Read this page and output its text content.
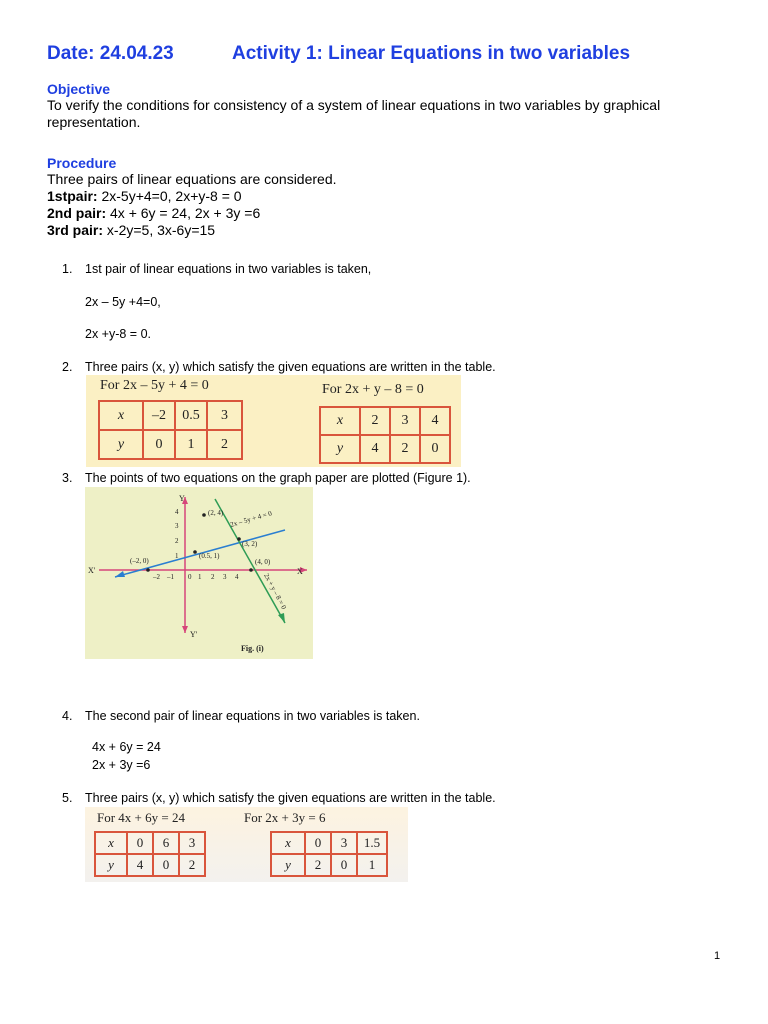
Date: 24.04.23	Activity 1: Linear Equations in two variables
Objective
To verify the conditions for consistency of a system of linear equations in two variables by graphical representation.
Procedure
Three pairs of linear equations are considered.
1stpair: 2x-5y+4=0, 2x+y-8 = 0
2nd pair: 4x + 6y = 24, 2x + 3y =6
3rd pair: x-2y=5, 3x-6y=15
1. 1st pair of linear equations in two variables is taken,
2x – 5y +4=0,
2x +y-8 = 0.
2. Three pairs (x, y) which satisfy the given equations are written in the table.
For 2x – 5y + 4 = 0
x	–2	0.5	3
y	0	1	2
For 2x + y – 8 = 0
x	2	3	4
y	4	2	0
3. The points of two equations on the graph paper are plotted (Figure 1).
X'	X
Y
Y'
–2 –1 0 1 2 3 4
1
2
3
4	(2, 4)
(–2, 0)
(0.5, 1)
(3, 2)
(4, 0)
2x – 5y + 4 = 0
2x + y – 8 = 0
Fig. (i)
4. The second pair of linear equations in two variables is taken.
4x + 6y = 24
2x + 3y =6
5. Three pairs (x, y) which satisfy the given equations are written in the table.
For 4x + 6y = 24
x	0	6	3
y	4	0	2
For 2x + 3y = 6
x	0	3	1.5
y	2	0	1
1
